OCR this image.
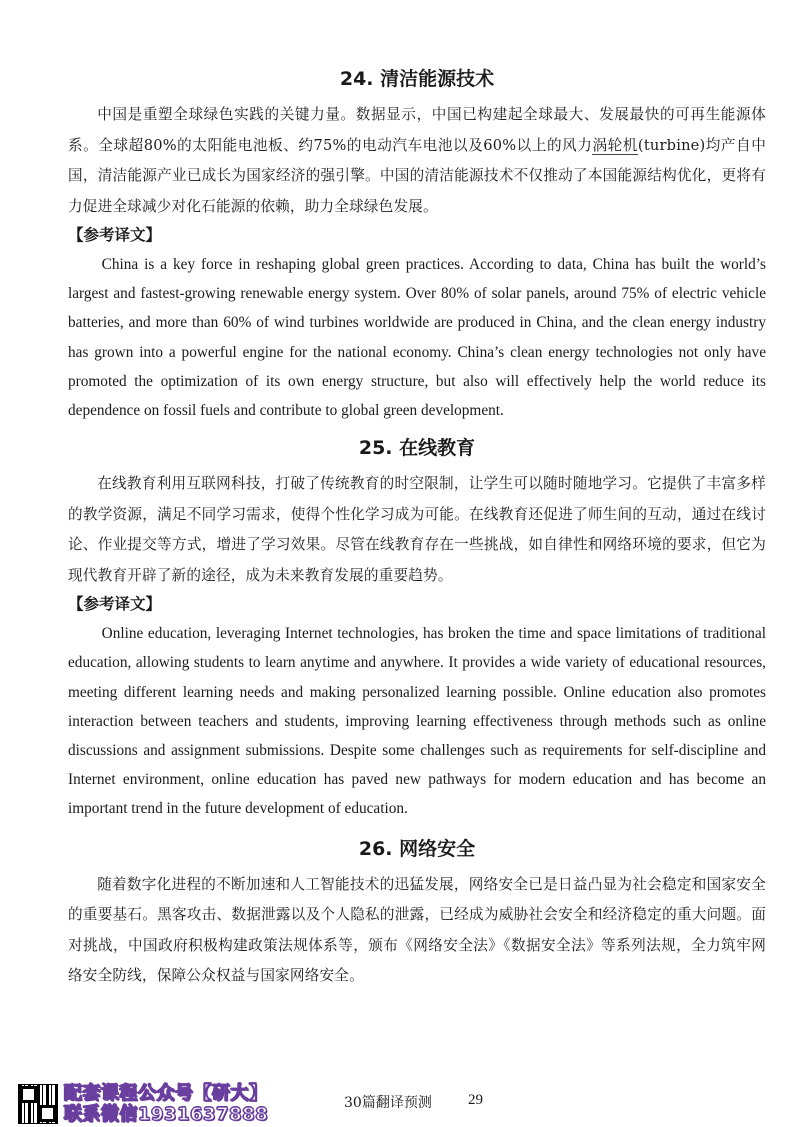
24. 清洁能源技术

中国是重塑全球绿色实践的关键力量。数据显示，中国已构建起全球最大、发展最快的可再生能源体系。全球超80%的太阳能电池板、约75%的电动汽车电池以及60%以上的风力涡轮机(turbine)均产自中国，清洁能源产业已成长为国家经济的强引擎。中国的清洁能源技术不仅推动了本国能源结构优化，更将有力促进全球减少对化石能源的依赖，助力全球绿色发展。

【参考译文】

China is a key force in reshaping global green practices. According to data, China has built the world’s largest and fastest-growing renewable energy system. Over 80% of solar panels, around 75% of electric vehicle batteries, and more than 60% of wind turbines worldwide are produced in China, and the clean energy industry has grown into a powerful engine for the national economy. China’s clean energy technologies not only have promoted the optimization of its own energy structure, but also will effectively help the world reduce its dependence on fossil fuels and contribute to global green development.

25. 在线教育

在线教育利用互联网科技，打破了传统教育的时空限制，让学生可以随时随地学习。它提供了丰富多样的教学资源，满足不同学习需求，使得个性化学习成为可能。在线教育还促进了师生间的互动，通过在线讨论、作业提交等方式，增进了学习效果。尽管在线教育存在一些挑战，如自律性和网络环境的要求，但它为现代教育开辟了新的途径，成为未来教育发展的重要趋势。

【参考译文】

Online education, leveraging Internet technologies, has broken the time and space limitations of traditional education, allowing students to learn anytime and anywhere. It provides a wide variety of educational resources, meeting different learning needs and making personalized learning possible. Online education also promotes interaction between teachers and students, improving learning effectiveness through methods such as online discussions and assignment submissions. Despite some challenges such as requirements for self-discipline and Internet environment, online education has paved new pathways for modern education and has become an important trend in the future development of education.

26. 网络安全

随着数字化进程的不断加速和人工智能技术的迅猛发展，网络安全已是日益凸显为社会稳定和国家安全的重要基石。黑客攻击、数据泄露以及个人隐私的泄露，已经成为威胁社会安全和经济稳定的重大问题。面对挑战，中国政府积极构建政策法规体系等，颁布《网络安全法》《数据安全法》等系列法规，全力筑牢网络安全防线，保障公众权益与国家网络安全。

配套课程公众号【研大】
联系微信1931637888
30篇翻译预测 29
